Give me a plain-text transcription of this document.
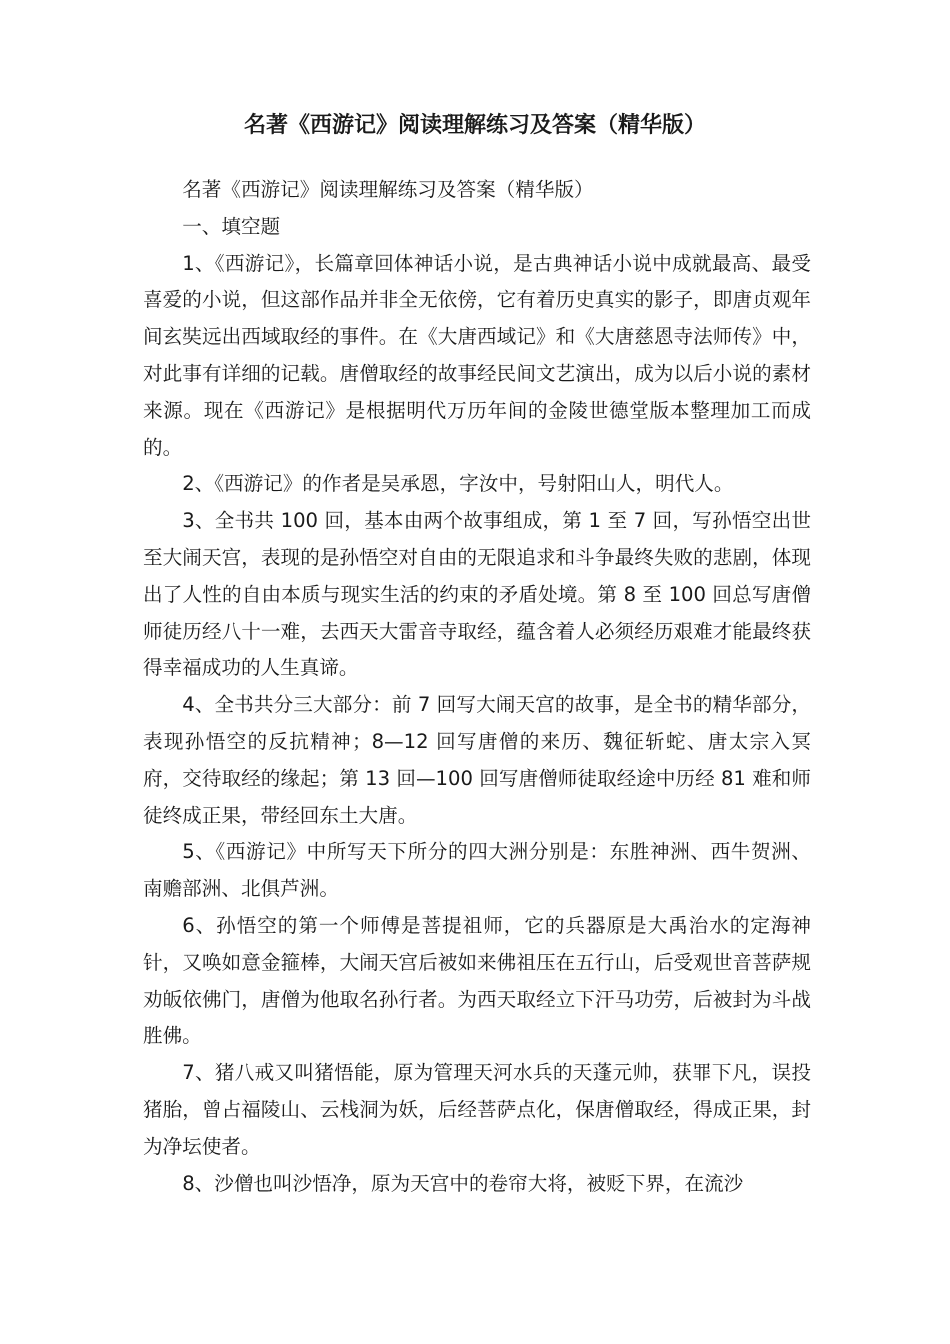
名著《西游记》阅读理解练习及答案（精华版）

名著《西游记》阅读理解练习及答案（精华版）

一、填空题

1、《西游记》，长篇章回体神话小说，是古典神话小说中成就最高、最受喜爱的小说，但这部作品并非全无依傍，它有着历史真实的影子，即唐贞观年间玄奘远出西域取经的事件。在《大唐西域记》和《大唐慈恩寺法师传》中，对此事有详细的记载。唐僧取经的故事经民间文艺演出，成为以后小说的素材来源。现在《西游记》是根据明代万历年间的金陵世德堂版本整理加工而成的。

2、《西游记》的作者是吴承恩，字汝中，号射阳山人，明代人。

3、全书共 100 回，基本由两个故事组成，第 1 至 7 回，写孙悟空出世至大闹天宫，表现的是孙悟空对自由的无限追求和斗争最终失败的悲剧，体现出了人性的自由本质与现实生活的约束的矛盾处境。第 8 至 100 回总写唐僧师徒历经八十一难，去西天大雷音寺取经，蕴含着人必须经历艰难才能最终获得幸福成功的人生真谛。

4、全书共分三大部分：前 7 回写大闹天宫的故事，是全书的精华部分，表现孙悟空的反抗精神；8—12 回写唐僧的来历、魏征斩蛇、唐太宗入冥府，交待取经的缘起；第 13 回—100 回写唐僧师徒取经途中历经 81 难和师徒终成正果，带经回东土大唐。

5、《西游记》中所写天下所分的四大洲分别是：东胜神洲、西牛贺洲、南赡部洲、北俱芦洲。

6、孙悟空的第一个师傅是菩提祖师，它的兵器原是大禹治水的定海神针，又唤如意金箍棒，大闹天宫后被如来佛祖压在五行山，后受观世音菩萨规劝皈依佛门，唐僧为他取名孙行者。为西天取经立下汗马功劳，后被封为斗战胜佛。

7、猪八戒又叫猪悟能，原为管理天河水兵的天蓬元帅，获罪下凡，误投猪胎，曾占福陵山、云栈洞为妖，后经菩萨点化，保唐僧取经，得成正果，封为净坛使者。

8、沙僧也叫沙悟净，原为天宫中的卷帘大将，被贬下界，在流沙
